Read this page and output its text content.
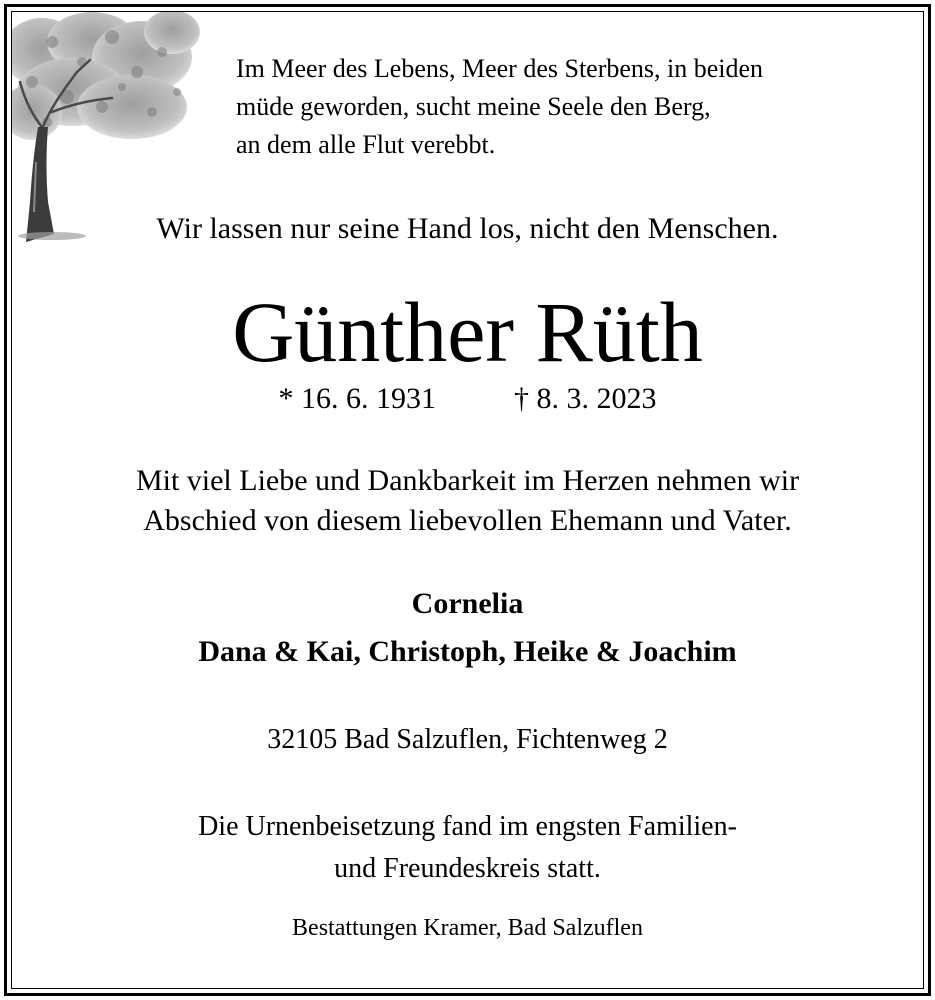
Im Meer des Lebens, Meer des Sterbens, in beiden
müde geworden, sucht meine Seele den Berg,
an dem alle Flut verebbt.

Wir lassen nur seine Hand los, nicht den Menschen.

Günther Rüth

* 16. 6. 1931	† 8. 3. 2023

Mit viel Liebe und Dankbarkeit im Herzen nehmen wir
Abschied von diesem liebevollen Ehemann und Vater.

Cornelia

Dana & Kai, Christoph, Heike & Joachim

32105 Bad Salzuflen, Fichtenweg 2

Die Urnenbeisetzung fand im engsten Familien-
und Freundeskreis statt.

Bestattungen Kramer, Bad Salzuflen
